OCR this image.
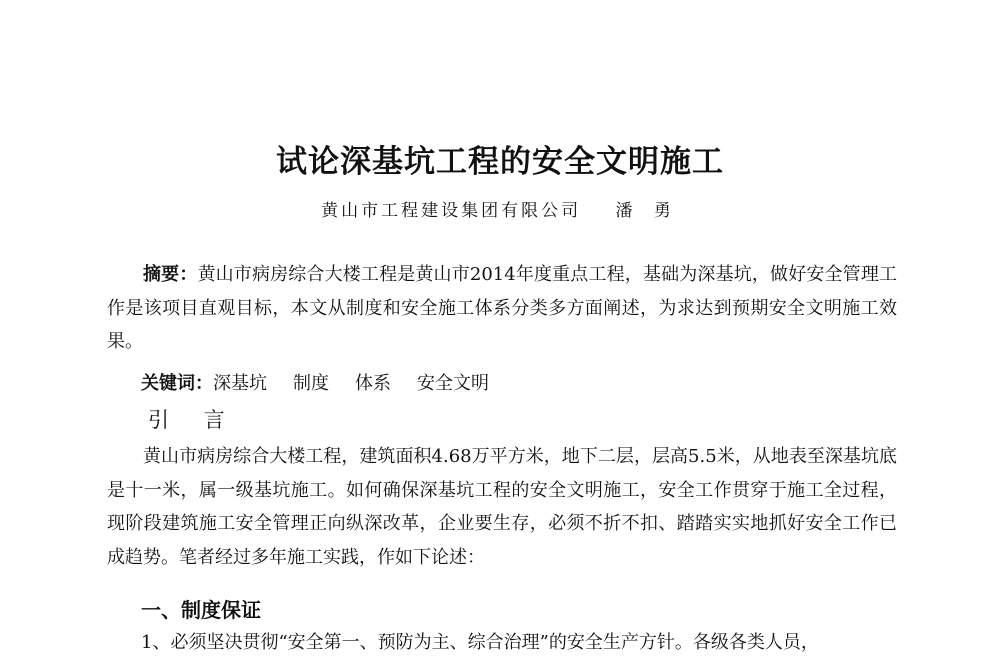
试论深基坑工程的安全文明施工
黄山市工程建设集团有限公司 潘 勇
摘要：黄山市病房综合大楼工程是黄山市2014年度重点工程，基础为深基坑，做好安全管理工作是该项目直观目标，本文从制度和安全施工体系分类多方面阐述，为求达到预期安全文明施工效果。
关键词：深基坑 制度 体系 安全文明
引 言
黄山市病房综合大楼工程，建筑面积4.68万平方米，地下二层，层高5.5米，从地表至深基坑底是十一米，属一级基坑施工。如何确保深基坑工程的安全文明施工，安全工作贯穿于施工全过程，现阶段建筑施工安全管理正向纵深改革，企业要生存，必须不折不扣、踏踏实实地抓好安全工作已成趋势。笔者经过多年施工实践，作如下论述：
一、制度保证
1、必须坚决贯彻“安全第一、预防为主、综合治理”的安全生产方针。各级各类人员，
